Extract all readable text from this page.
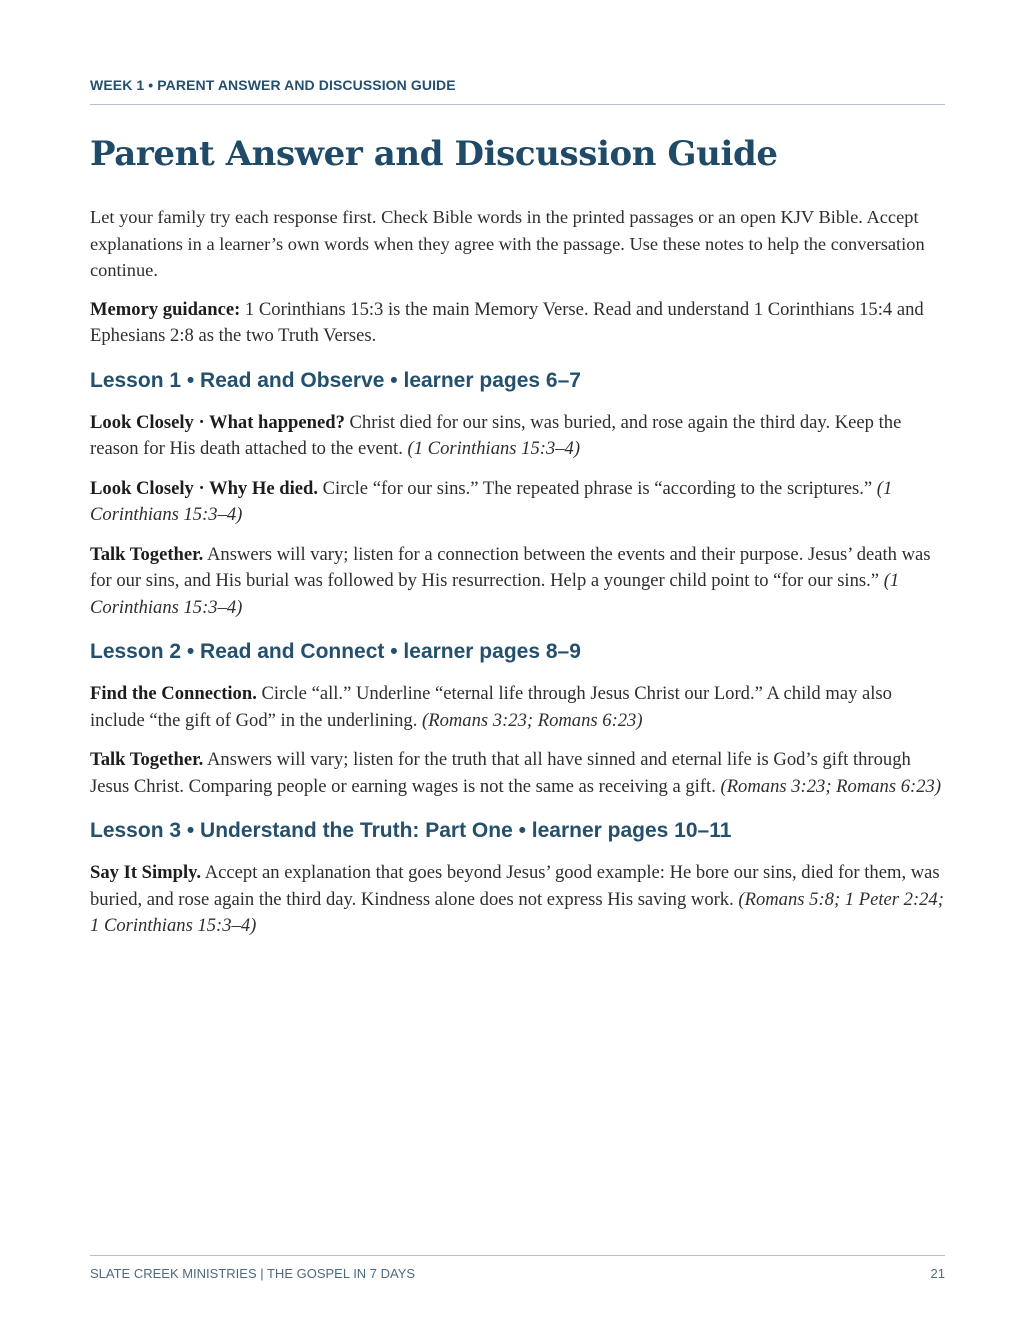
WEEK 1 • PARENT ANSWER AND DISCUSSION GUIDE
Parent Answer and Discussion Guide

Let your family try each response first. Check Bible words in the printed passages or an open KJV Bible. Accept explanations in a learner’s own words when they agree with the passage. Use these notes to help the conversation continue.

Memory guidance: 1 Corinthians 15:3 is the main Memory Verse. Read and understand 1 Corinthians 15:4 and Ephesians 2:8 as the two Truth Verses.

Lesson 1 • Read and Observe • learner pages 6–7

Look Closely · What happened? Christ died for our sins, was buried, and rose again the third day. Keep the reason for His death attached to the event. (1 Corinthians 15:3–4)

Look Closely · Why He died. Circle “for our sins.” The repeated phrase is “according to the scriptures.” (1 Corinthians 15:3–4)

Talk Together. Answers will vary; listen for a connection between the events and their purpose. Jesus’ death was for our sins, and His burial was followed by His resurrection. Help a younger child point to “for our sins.” (1 Corinthians 15:3–4)

Lesson 2 • Read and Connect • learner pages 8–9

Find the Connection. Circle “all.” Underline “eternal life through Jesus Christ our Lord.” A child may also include “the gift of God” in the underlining. (Romans 3:23; Romans 6:23)

Talk Together. Answers will vary; listen for the truth that all have sinned and eternal life is God’s gift through Jesus Christ. Comparing people or earning wages is not the same as receiving a gift. (Romans 3:23; Romans 6:23)

Lesson 3 • Understand the Truth: Part One • learner pages 10–11

Say It Simply. Accept an explanation that goes beyond Jesus’ good example: He bore our sins, died for them, was buried, and rose again the third day. Kindness alone does not express His saving work. (Romans 5:8; 1 Peter 2:24; 1 Corinthians 15:3–4)

SLATE CREEK MINISTRIES | THE GOSPEL IN 7 DAYS	21
